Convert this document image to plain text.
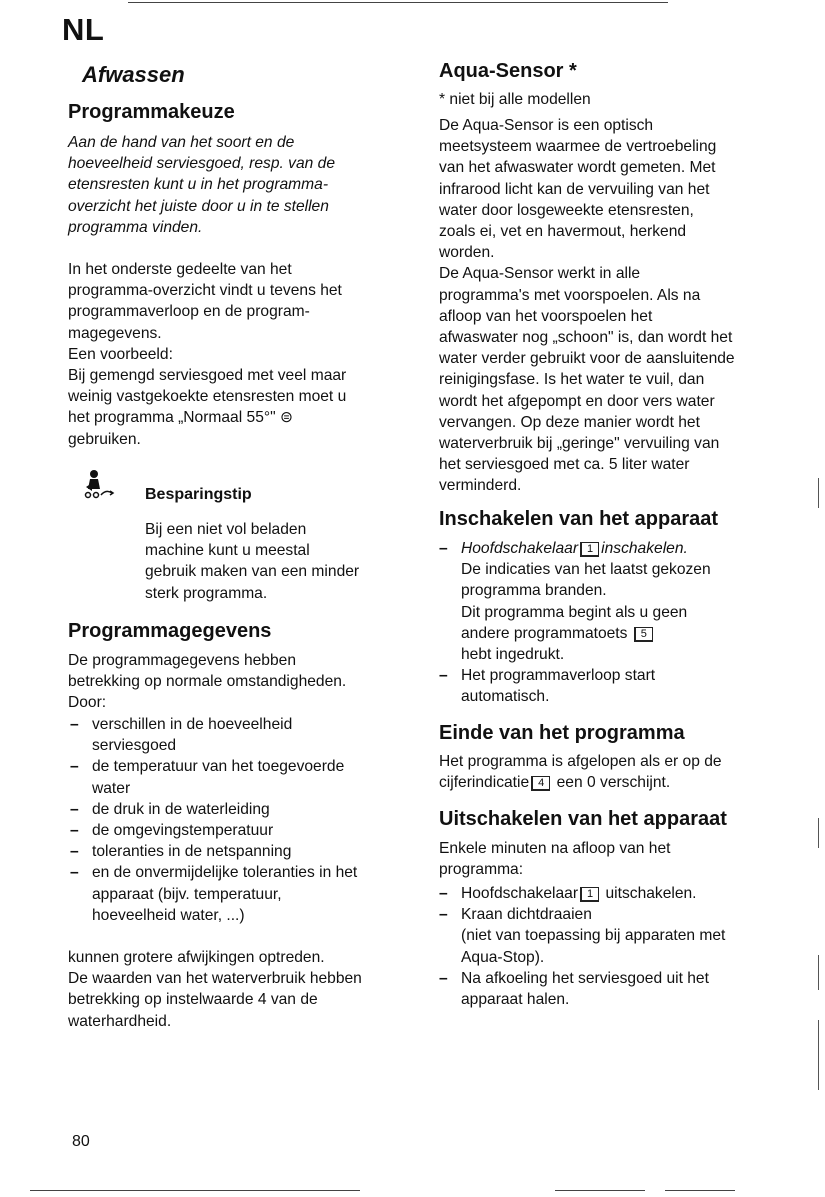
NL
Afwassen
Programmakeuze

Aan de hand van het soort en de
hoeveelheid serviesgoed, resp. van de
etensresten kunt u in het programma-
overzicht het juiste door u in te stellen
programma vinden.

In het onderste gedeelte van het
programma-overzicht vindt u tevens het
programmaverloop en de program-
magegevens.
Een voorbeeld:
Bij gemengd serviesgoed met veel maar
weinig vastgekoekte etensresten moet u
het programma „Normaal 55°" ⊜
gebruiken.

Besparingstip

Bij een niet vol beladen
machine kunt u meestal
gebruik maken van een minder
sterk programma.

Programmagegevens

De programmagegevens hebben
betrekking op normale omstandigheden.
Door:

– verschillen in de hoeveelheid
serviesgoed
– de temperatuur van het toegevoerde
water
– de druk in de waterleiding
– de omgevingstemperatuur
– toleranties in de netspanning
– en de onvermijdelijke toleranties in het
apparaat (bijv. temperatuur,
hoeveelheid water, ...)

kunnen grotere afwijkingen optreden.
De waarden van het waterverbruik hebben
betrekking op instelwaarde 4 van de
waterhardheid.

Aqua-Sensor *

* niet bij alle modellen

De Aqua-Sensor is een optisch
meetsysteem waarmee de vertroebeling
van het afwaswater wordt gemeten. Met
infrarood licht kan de vervuiling van het
water door losgeweekte etensresten,
zoals ei, vet en havermout, herkend
worden.
De Aqua-Sensor werkt in alle
programma's met voorspoelen. Als na
afloop van het voorspoelen het
afwaswater nog „schoon" is, dan wordt het
water verder gebruikt voor de aansluitende
reinigingsfase. Is het water te vuil, dan
wordt het afgepompt en door vers water
vervangen. Op deze manier wordt het
waterverbruik bij „geringe" vervuiling van
het serviesgoed met ca. 5 liter water
verminderd.

Inschakelen van het apparaat
– Hoofdschakelaar 1 inschakelen.
De indicaties van het laatst gekozen
programma branden.
Dit programma begint als u geen
andere programmatoets 5
hebt ingedrukt.
– Het programmaverloop start
automatisch.
Einde van het programma

Het programma is afgelopen als er op de
cijferindicatie 4 een 0 verschijnt.

Uitschakelen van het apparaat

Enkele minuten na afloop van het
programma:

– Hoofdschakelaar 1 uitschakelen.
– Kraan dichtdraaien
(niet van toepassing bij apparaten met
Aqua-Stop).
– Na afkoeling het serviesgoed uit het
apparaat halen.
80
